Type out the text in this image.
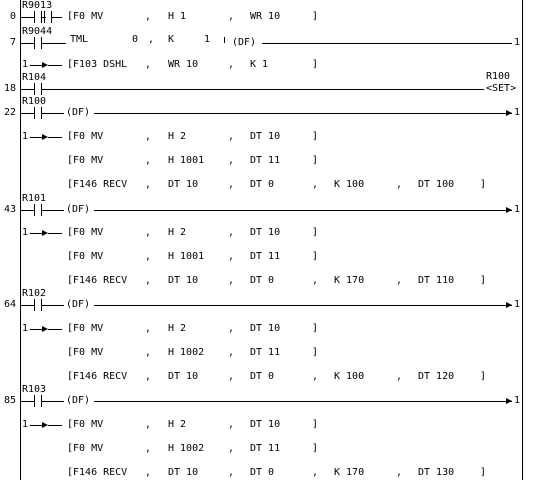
0
R9013
[F0 MV	, H 1	, WR 10	]
7
R9044
TML	0 , K	1 (DF)	1
1	[F103 DSHL , WR 10	, K 1	]
18
R104	R100
<SET>
22
R100
(DF)	1
1	[F0 MV	, H 2	, DT 10	]
[F0 MV	, H 1001 , DT 11	]
[F146 RECV , DT 10	, DT 0	, K 100	, DT 100	]
43
R101
(DF)	1
1	[F0 MV	, H 2	, DT 10	]
[F0 MV	, H 1001 , DT 11	]
[F146 RECV , DT 10	, DT 0	, K 170	, DT 110	]
64
R102
(DF)	1
1	[F0 MV	, H 2	, DT 10	]
[F0 MV	, H 1002 , DT 11	]
[F146 RECV , DT 10	, DT 0	, K 100	, DT 120	]
85
R103
(DF)	1
1	[F0 MV	, H 2	, DT 10	]
[F0 MV	, H 1002 , DT 11	]
[F146 RECV , DT 10	, DT 0	, K 170	, DT 130	]
